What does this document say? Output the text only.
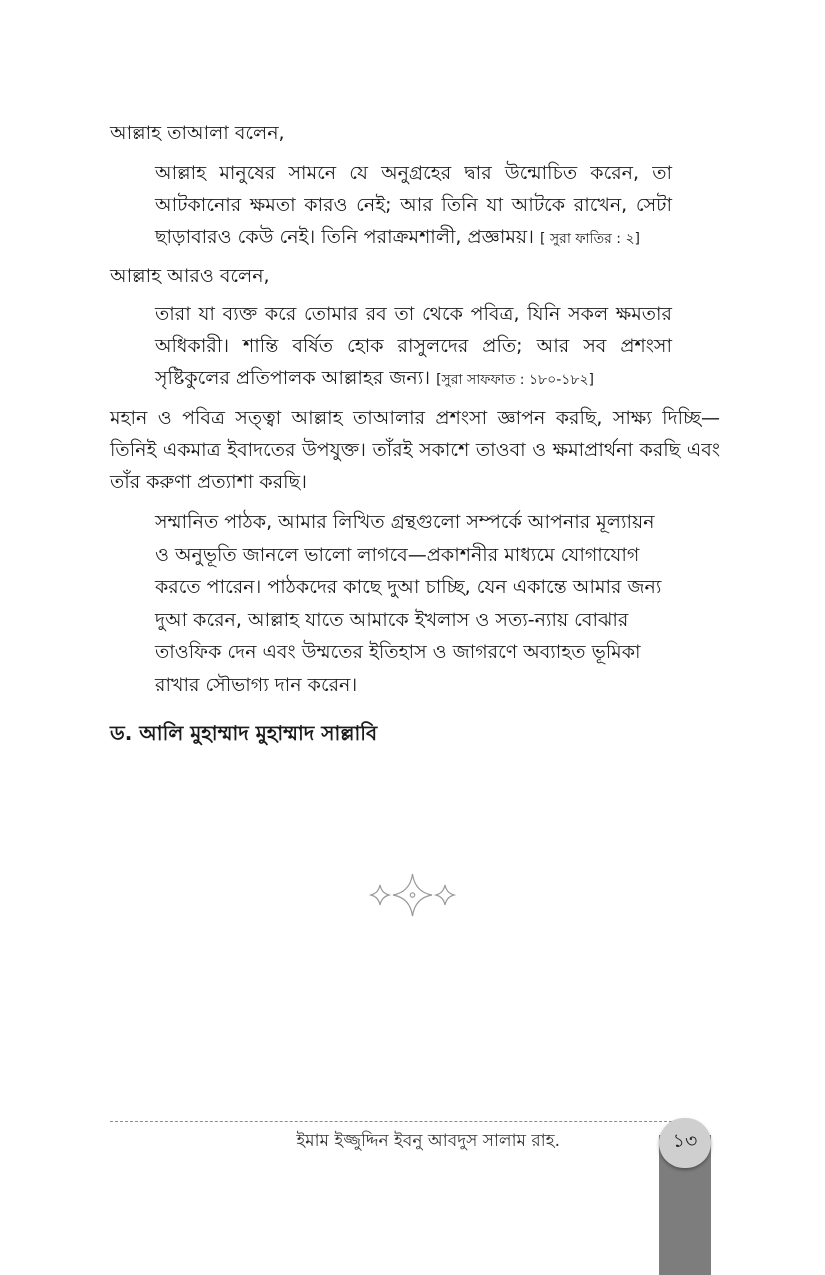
আল্লাহ তাআলা বলেন,

আল্লাহ মানুষের সামনে যে অনুগ্রহের দ্বার উন্মোচিত করেন, তা আটকানোর ক্ষমতা কারও নেই; আর তিনি যা আটকে রাখেন, সেটা ছাড়াবারও কেউ নেই। তিনি পরাক্রমশালী, প্রজ্ঞাময়। [ সুরা ফাতির : ২]

আল্লাহ আরও বলেন,

তারা যা ব্যক্ত করে তোমার রব তা থেকে পবিত্র, যিনি সকল ক্ষমতার অধিকারী। শান্তি বর্ষিত হোক রাসুলদের প্রতি; আর সব প্রশংসা সৃষ্টিকুলের প্রতিপালক আল্লাহর জন্য। [সুরা সাফফাত : ১৮০-১৮২]

মহান ও পবিত্র সত্ত্বা আল্লাহ তাআলার প্রশংসা জ্ঞাপন করছি, সাক্ষ্য দিচ্ছি—তিনিই একমাত্র ইবাদতের উপযুক্ত। তাঁরই সকাশে তাওবা ও ক্ষমাপ্রার্থনা করছি এবং তাঁর করুণা প্রত্যাশা করছি।

সম্মানিত পাঠক, আমার লিখিত গ্রন্থগুলো সম্পর্কে আপনার মূল্যায়ন ও অনুভূতি জানলে ভালো লাগবে—প্রকাশনীর মাধ্যমে যোগাযোগ করতে পারেন। পাঠকদের কাছে দুআ চাচ্ছি, যেন একান্তে আমার জন্য দুআ করেন, আল্লাহ যাতে আমাকে ইখলাস ও সত্য-ন্যায় বোঝার তাওফিক দেন এবং উম্মতের ইতিহাস ও জাগরণে অব্যাহত ভূমিকা রাখার সৌভাগ্য দান করেন।

ড. আলি মুহাম্মাদ মুহাম্মাদ সাল্লাবি

ইমাম ইজ্জুদ্দিন ইবনু আবদুস সালাম রাহ.	১৩
